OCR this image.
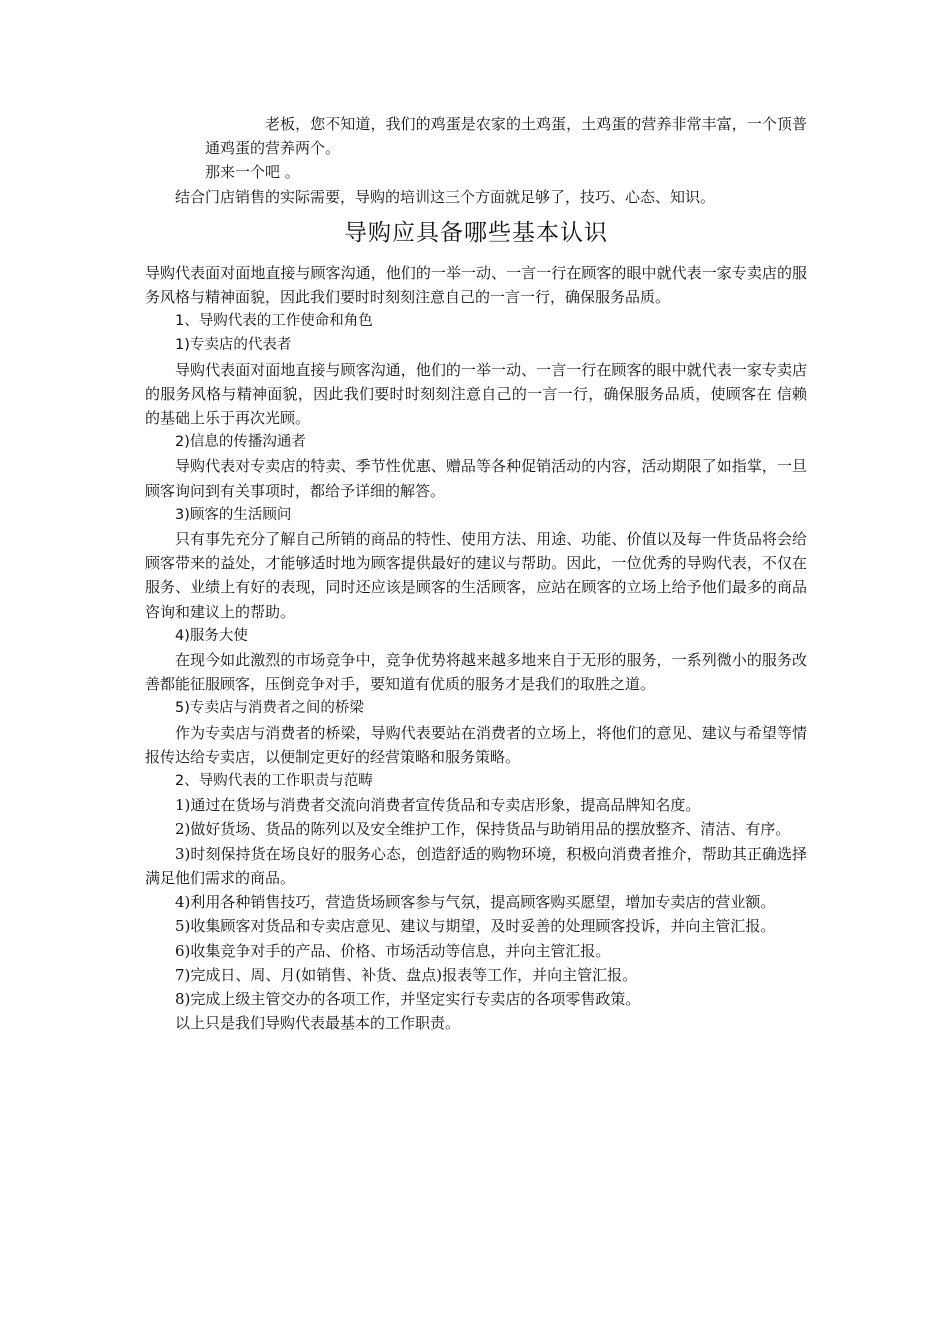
老板，您不知道，我们的鸡蛋是农家的土鸡蛋，土鸡蛋的营养非常丰富，一个顶普通鸡蛋的营养两个。

那来一个吧 。

结合门店销售的实际需要，导购的培训这三个方面就足够了，技巧、心态、知识。

导购应具备哪些基本认识

导购代表面对面地直接与顾客沟通，他们的一举一动、一言一行在顾客的眼中就代表一家专卖店的服务风格与精神面貌，因此我们要时时刻刻注意自己的一言一行，确保服务品质。

1、导购代表的工作使命和角色

1)专卖店的代表者

导购代表面对面地直接与顾客沟通，他们的一举一动、一言一行在顾客的眼中就代表一家专卖店的服务风格与精神面貌，因此我们要时时刻刻注意自己的一言一行，确保服务品质，使顾客在 信赖 的基础上乐于再次光顾。

2)信息的传播沟通者

导购代表对专卖店的特卖、季节性优惠、赠品等各种促销活动的内容，活动期限了如指掌，一旦顾客询问到有关事项时，都给予详细的解答。

3)顾客的生活顾问

只有事先充分了解自己所销的商品的特性、使用方法、用途、功能、价值以及每一件货品将会给顾客带来的益处，才能够适时地为顾客提供最好的建议与帮助。因此，一位优秀的导购代表，不仅在服务、业绩上有好的表现，同时还应该是顾客的生活顾客，应站在顾客的立场上给予他们最多的商品咨询和建议上的帮助。

4)服务大使

在现今如此激烈的市场竞争中，竞争优势将越来越多地来自于无形的服务，一系列微小的服务改善都能征服顾客，压倒竞争对手，要知道有优质的服务才是我们的取胜之道。

5)专卖店与消费者之间的桥梁

作为专卖店与消费者的桥梁，导购代表要站在消费者的立场上，将他们的意见、建议与希望等情报传达给专卖店，以便制定更好的经营策略和服务策略。

2、导购代表的工作职责与范畴

1)通过在货场与消费者交流向消费者宣传货品和专卖店形象，提高品牌知名度。

2)做好货场、货品的陈列以及安全维护工作，保持货品与助销用品的摆放整齐、清洁、有序。

3)时刻保持货在场良好的服务心态，创造舒适的购物环境，积极向消费者推介，帮助其正确选择满足他们需求的商品。

4)利用各种销售技巧，营造货场顾客参与气氛，提高顾客购买愿望，增加专卖店的营业额。

5)收集顾客对货品和专卖店意见、建议与期望，及时妥善的处理顾客投诉，并向主管汇报。

6)收集竞争对手的产品、价格、市场活动等信息，并向主管汇报。

7)完成日、周、月(如销售、补货、盘点)报表等工作，并向主管汇报。

8)完成上级主管交办的各项工作，并坚定实行专卖店的各项零售政策。

以上只是我们导购代表最基本的工作职责。
